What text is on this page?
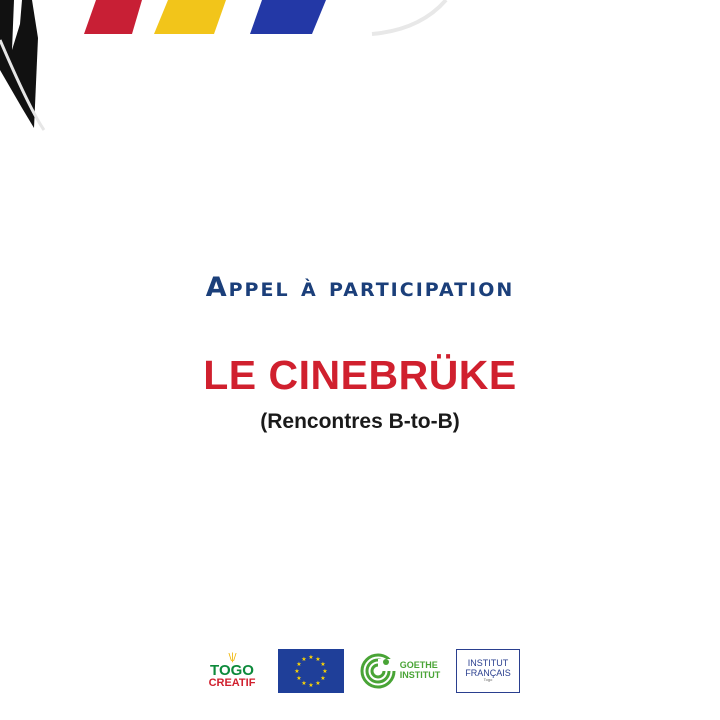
Appel à participation
LE CINEBRÜKE
(Rencontres B-to-B)
\|/
TOGO
CREATIF
★ ★
★
★
★
★
★
★
★
★
★
★
GOETHE
INSTITUT
INSTITUT
FRANÇAIS
Togo
